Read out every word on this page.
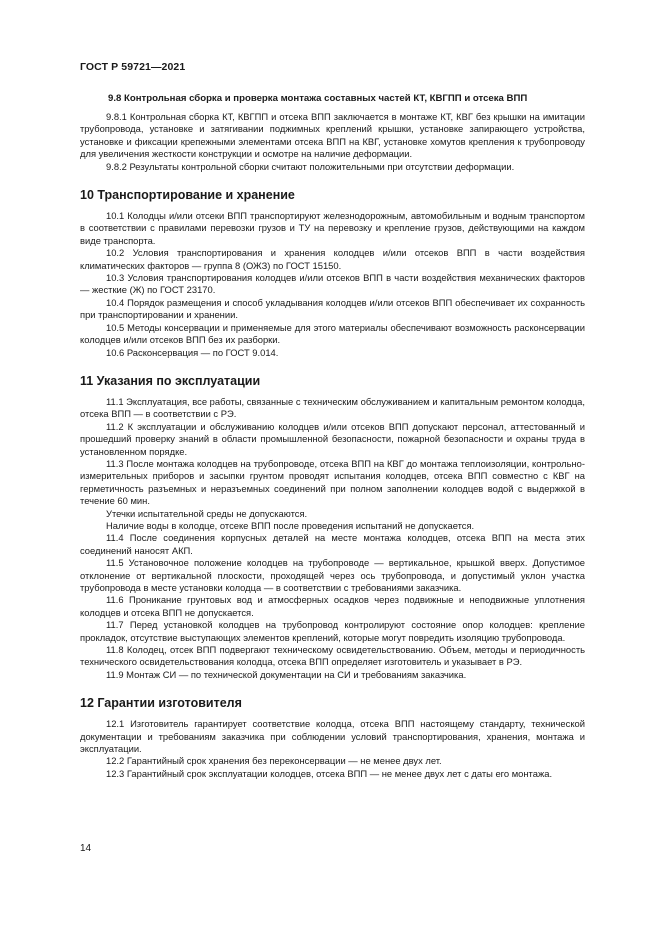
ГОСТ Р 59721—2021
9.8 Контрольная сборка и проверка монтажа составных частей КТ, КВГПП и отсека ВПП

9.8.1 Контрольная сборка КТ, КВГПП и отсека ВПП заключается в монтаже КТ, КВГ без крышки на имитации трубопровода, установке и затягивании поджимных креплений крышки, установке запирающего устройства, установке и фиксации крепежными элементами отсека ВПП на КВГ, установке хомутов крепления к трубопроводу для увеличения жесткости конструкции и осмотре на наличие деформации.

9.8.2 Результаты контрольной сборки считают положительными при отсутствии деформации.

10 Транспортирование и хранение

10.1 Колодцы и/или отсеки ВПП транспортируют железнодорожным, автомобильным и водным транспортом в соответствии с правилами перевозки грузов и ТУ на перевозку и крепление грузов, действующими на каждом виде транспорта.

10.2 Условия транспортирования и хранения колодцев и/или отсеков ВПП в части воздействия климатических факторов — группа 8 (ОЖЗ) по ГОСТ 15150.

10.3 Условия транспортирования колодцев и/или отсеков ВПП в части воздействия механических факторов — жесткие (Ж) по ГОСТ 23170.

10.4 Порядок размещения и способ укладывания колодцев и/или отсеков ВПП обеспечивает их сохранность при транспортировании и хранении.

10.5 Методы консервации и применяемые для этого материалы обеспечивают возможность расконсервации колодцев и/или отсеков ВПП без их разборки.

10.6 Расконсервация — по ГОСТ 9.014.

11 Указания по эксплуатации

11.1 Эксплуатация, все работы, связанные с техническим обслуживанием и капитальным ремонтом колодца, отсека ВПП — в соответствии с РЭ.

11.2 К эксплуатации и обслуживанию колодцев и/или отсеков ВПП допускают персонал, аттестованный и прошедший проверку знаний в области промышленной безопасности, пожарной безопасности и охраны труда в установленном порядке.

11.3 После монтажа колодцев на трубопроводе, отсека ВПП на КВГ до монтажа теплоизоляции, контрольно-измерительных приборов и засыпки грунтом проводят испытания колодцев, отсека ВПП совместно с КВГ на герметичность разъемных и неразъемных соединений при полном заполнении колодцев водой с выдержкой в течение 60 мин.

Утечки испытательной среды не допускаются.

Наличие воды в колодце, отсеке ВПП после проведения испытаний не допускается.

11.4 После соединения корпусных деталей на месте монтажа колодцев, отсека ВПП на места этих соединений наносят АКП.

11.5 Установочное положение колодцев на трубопроводе — вертикальное, крышкой вверх. Допустимое отклонение от вертикальной плоскости, проходящей через ось трубопровода, и допустимый уклон участка трубопровода в месте установки колодца — в соответствии с требованиями заказчика.

11.6 Проникание грунтовых вод и атмосферных осадков через подвижные и неподвижные уплотнения колодцев и отсека ВПП не допускается.

11.7 Перед установкой колодцев на трубопровод контролируют состояние опор колодцев: крепление прокладок, отсутствие выступающих элементов креплений, которые могут повредить изоляцию трубопровода.

11.8 Колодец, отсек ВПП подвергают техническому освидетельствованию. Объем, методы и периодичность технического освидетельствования колодца, отсека ВПП определяет изготовитель и указывает в РЭ.

11.9 Монтаж СИ — по технической документации на СИ и требованиям заказчика.

12 Гарантии изготовителя

12.1 Изготовитель гарантирует соответствие колодца, отсека ВПП настоящему стандарту, технической документации и требованиям заказчика при соблюдении условий транспортирования, хранения, монтажа и эксплуатации.

12.2 Гарантийный срок хранения без переконсервации — не менее двух лет.

12.3 Гарантийный срок эксплуатации колодцев, отсека ВПП — не менее двух лет с даты его монтажа.

14
